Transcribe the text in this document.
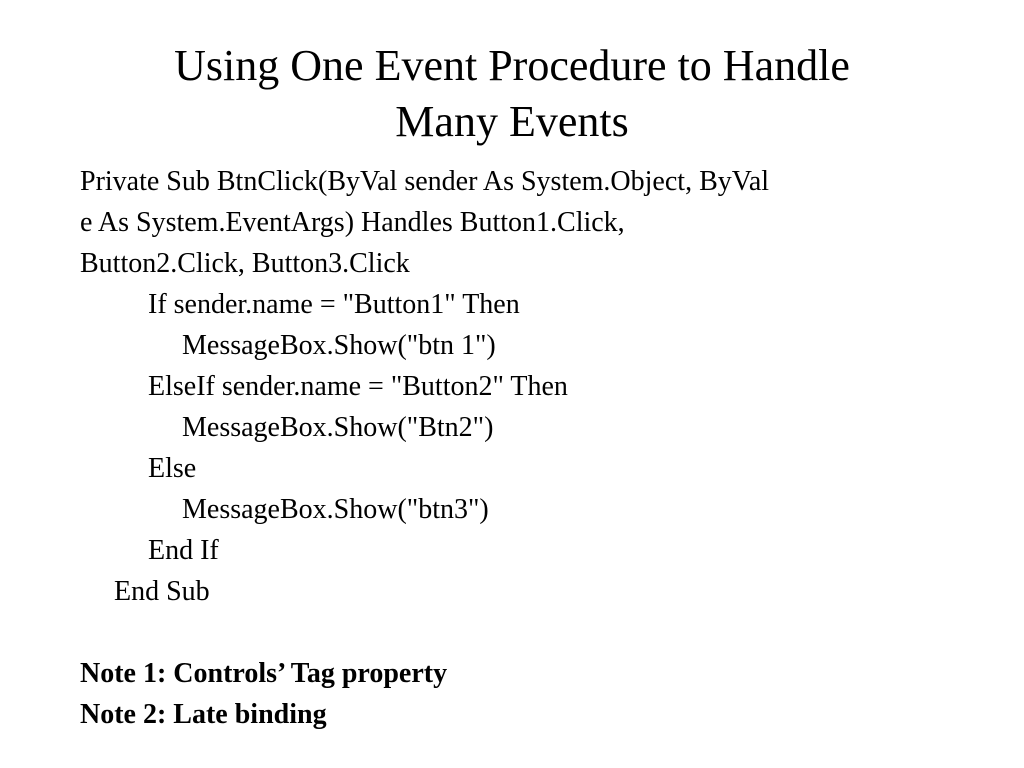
Using One Event Procedure to Handle
Many Events
Private Sub BtnClick(ByVal sender As System.Object, ByVal
e As System.EventArgs) Handles Button1.Click,
Button2.Click, Button3.Click
If sender.name = "Button1" Then
MessageBox.Show("btn 1")
ElseIf sender.name = "Button2" Then
MessageBox.Show("Btn2")
Else
MessageBox.Show("btn3")
End If
End Sub
Note 1: Controls’ Tag property
Note 2: Late binding
